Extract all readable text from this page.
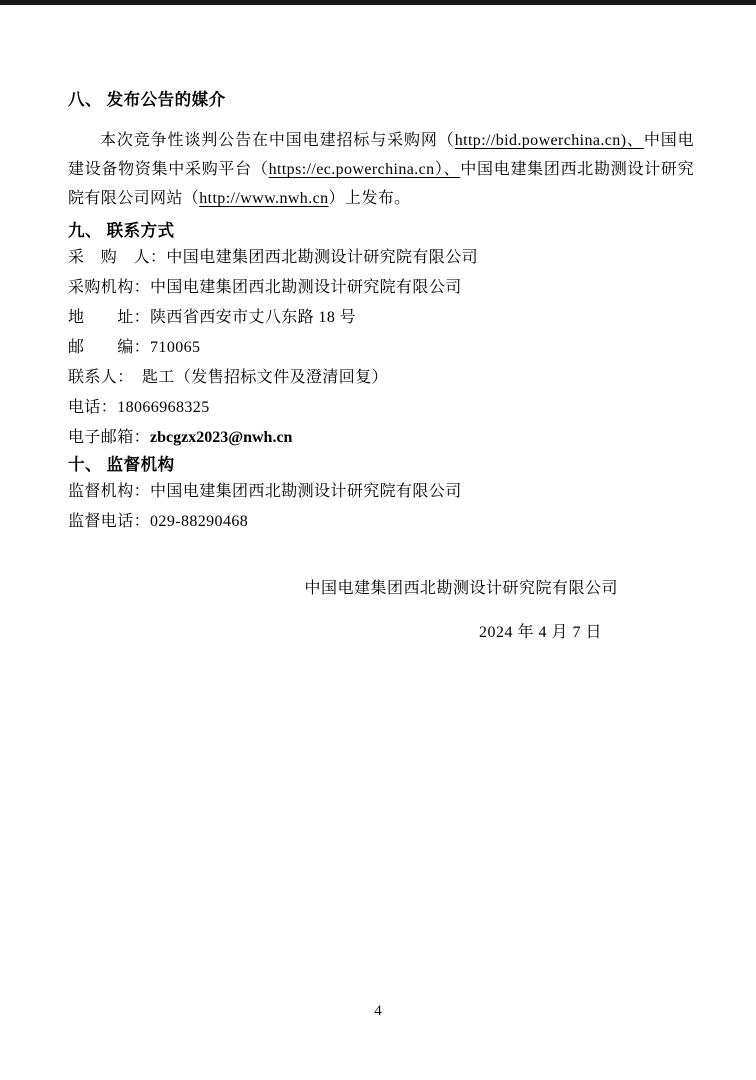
八、 发布公告的媒介
本次竞争性谈判公告在中国电建招标与采购网（http://bid.powerchina.cn)、中国电建设备物资集中采购平台（https://ec.powerchina.cn）、中国电建集团西北勘测设计研究院有限公司网站（http://www.nwh.cn）上发布。
九、 联系方式
采　购　人：中国电建集团西北勘测设计研究院有限公司
采购机构：中国电建集团西北勘测设计研究院有限公司
地　　址：陕西省西安市丈八东路 18 号
邮　　编：710065
联系人：　匙工（发售招标文件及澄清回复）
电话：18066968325
电子邮箱：zbcgzx2023@nwh.cn
十、 监督机构
监督机构：中国电建集团西北勘测设计研究院有限公司
监督电话：029-88290468
中国电建集团西北勘测设计研究院有限公司
2024 年 4 月 7 日
4
